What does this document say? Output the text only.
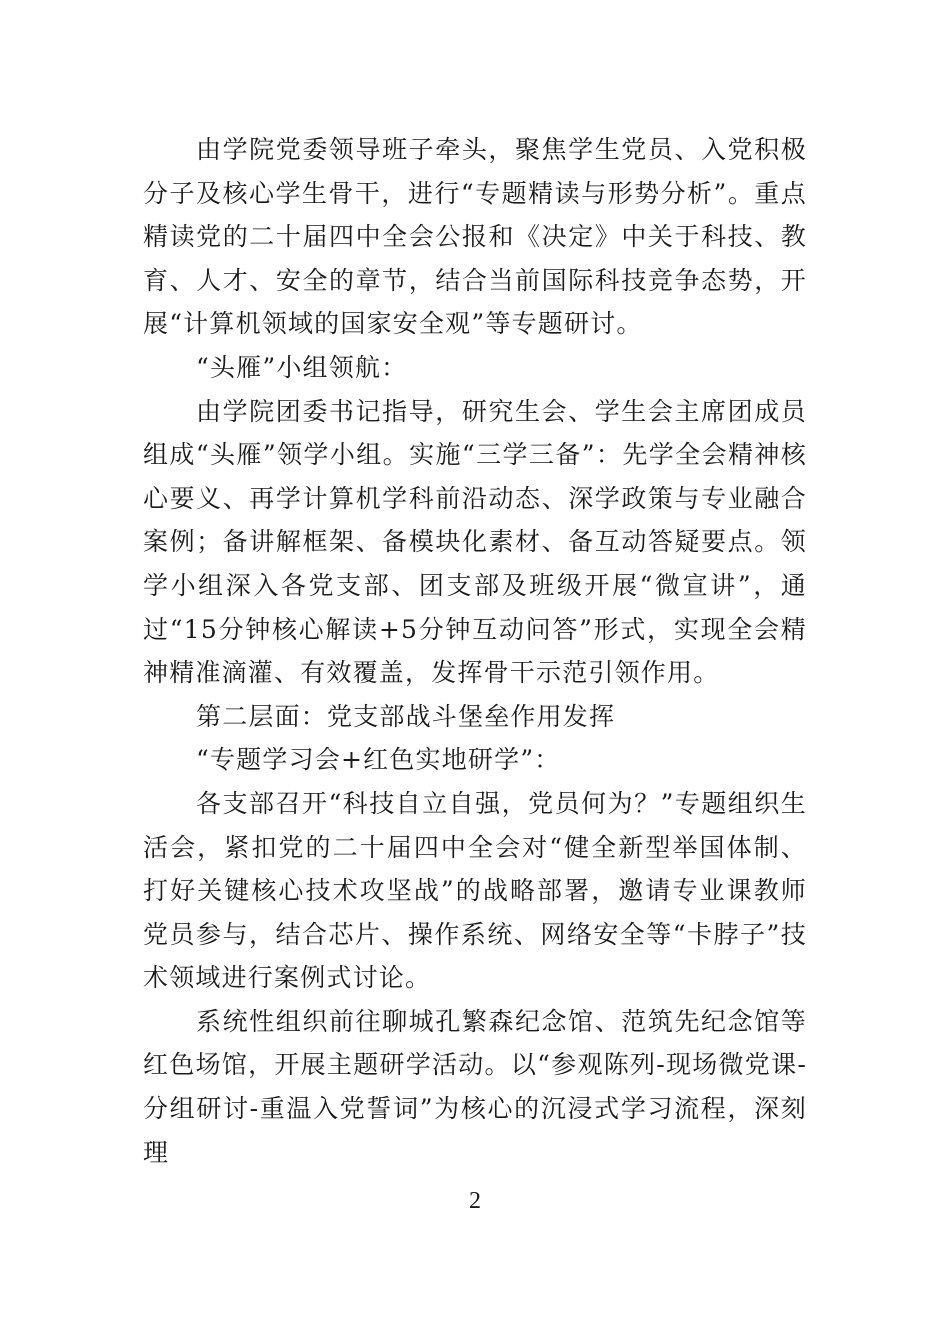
由学院党委领导班子牵头，聚焦学生党员、入党积极分子及核心学生骨干，进行“专题精读与形势分析”。重点精读党的二十届四中全会公报和《决定》中关于科技、教育、人才、安全的章节，结合当前国际科技竞争态势，开展“计算机领域的国家安全观”等专题研讨。

“头雁”小组领航：

由学院团委书记指导，研究生会、学生会主席团成员组成“头雁”领学小组。实施“三学三备”：先学全会精神核心要义、再学计算机学科前沿动态、深学政策与专业融合案例；备讲解框架、备模块化素材、备互动答疑要点。领学小组深入各党支部、团支部及班级开展“微宣讲”，通过“15分钟核心解读+5分钟互动问答”形式，实现全会精神精准滴灌、有效覆盖，发挥骨干示范引领作用。

第二层面：党支部战斗堡垒作用发挥

“专题学习会+红色实地研学”：

各支部召开“科技自立自强，党员何为？”专题组织生活会，紧扣党的二十届四中全会对“健全新型举国体制、打好关键核心技术攻坚战”的战略部署，邀请专业课教师党员参与，结合芯片、操作系统、网络安全等“卡脖子”技术领域进行案例式讨论。

系统性组织前往聊城孔繁森纪念馆、范筑先纪念馆等红色场馆，开展主题研学活动。以“参观陈列-现场微党课-分组研讨-重温入党誓词”为核心的沉浸式学习流程，深刻理

2
